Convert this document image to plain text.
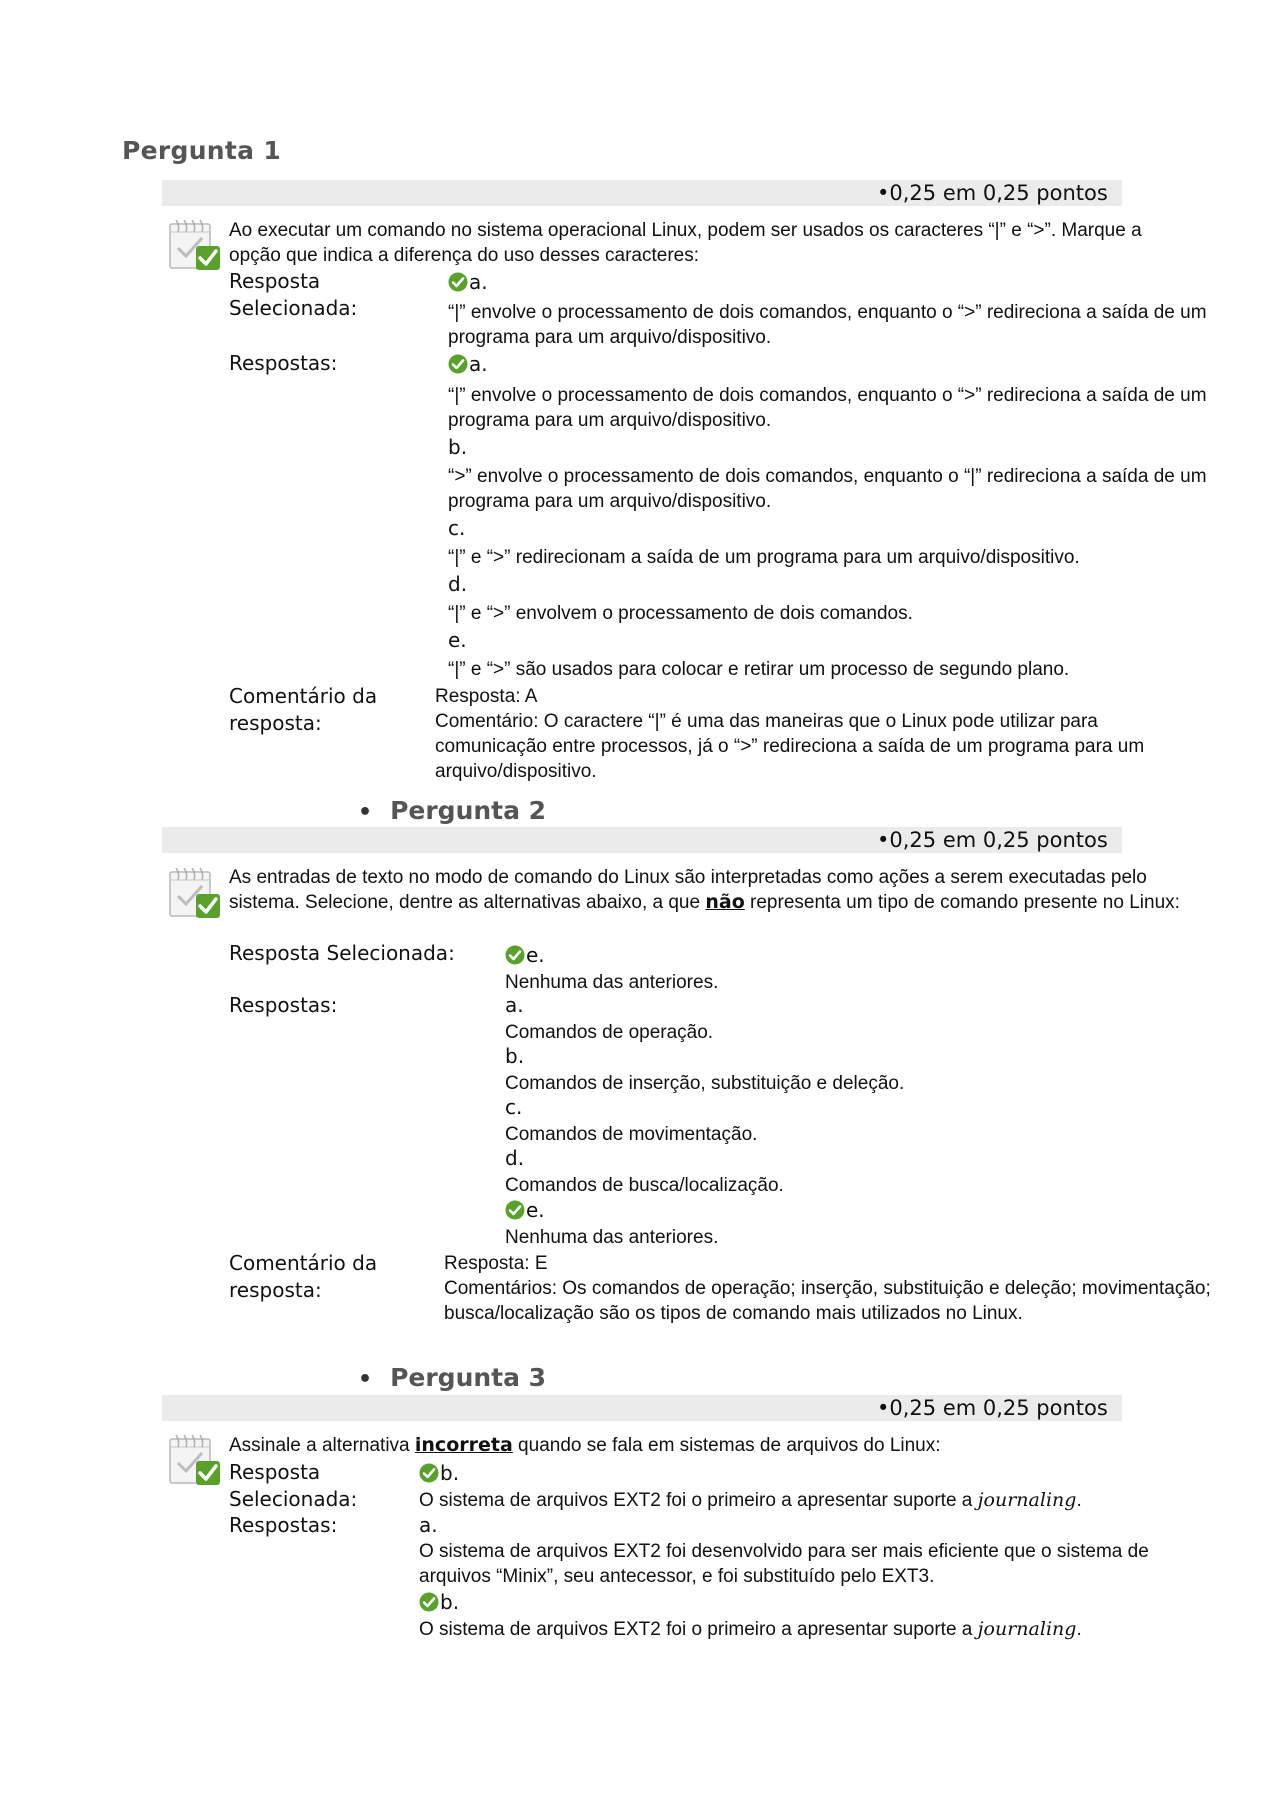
Pergunta 1
•0,25 em 0,25 pontos
Ao executar um comando no sistema operacional Linux, podem ser usados os caracteres “|” e “>”. Marque a opção que indica a diferença do uso desses caracteres:
Resposta
Selecionada:
a.
“|” envolve o processamento de dois comandos, enquanto o “>” redireciona a saída de um programa para um arquivo/dispositivo.
Respostas:	a.
“|” envolve o processamento de dois comandos, enquanto o “>” redireciona a saída de um programa para um arquivo/dispositivo.
b.
“>” envolve o processamento de dois comandos, enquanto o “|” redireciona a saída de um programa para um arquivo/dispositivo.
c.
“|” e “>” redirecionam a saída de um programa para um arquivo/dispositivo.
d.
“|” e “>” envolvem o processamento de dois comandos.
e.
“|” e “>” são usados para colocar e retirar um processo de segundo plano.
Comentário da
resposta:
Resposta: A
Comentário: O caractere “|” é uma das maneiras que o Linux pode utilizar para comunicação entre processos, já o “>” redireciona a saída de um programa para um arquivo/dispositivo.
• Pergunta 2
•0,25 em 0,25 pontos
As entradas de texto no modo de comando do Linux são interpretadas como ações a serem executadas pelo sistema. Selecione, dentre as alternativas abaixo, a que não representa um tipo de comando presente no Linux:
Resposta Selecionada:	e.
Nenhuma das anteriores.
Respostas:	a.
Comandos de operação.
b.
Comandos de inserção, substituição e deleção.
c.
Comandos de movimentação.
d.
Comandos de busca/localização.
e.
Nenhuma das anteriores.
Comentário da
resposta:
Resposta: E
Comentários: Os comandos de operação; inserção, substituição e deleção; movimentação; busca/localização são os tipos de comando mais utilizados no Linux.
• Pergunta 3
•0,25 em 0,25 pontos
Assinale a alternativa incorreta quando se fala em sistemas de arquivos do Linux:
Resposta
Selecionada:
b.
O sistema de arquivos EXT2 foi o primeiro a apresentar suporte a journaling.
Respostas:	a.
O sistema de arquivos EXT2 foi desenvolvido para ser mais eficiente que o sistema de arquivos “Minix”, seu antecessor, e foi substituído pelo EXT3.
b.
O sistema de arquivos EXT2 foi o primeiro a apresentar suporte a journaling.
